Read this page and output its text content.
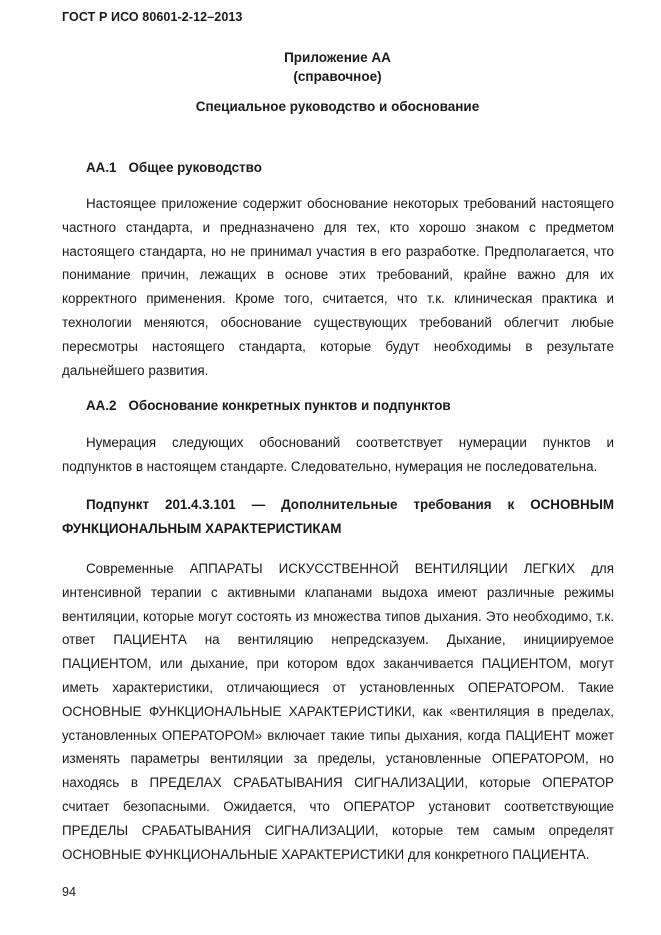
ГОСТ Р ИСО 80601-2-12–2013
Приложение АА
(справочное)
Специальное руководство и обоснование
АА.1 Общее руководство

Настоящее приложение содержит обоснование некоторых требований настоящего частного стандарта, и предназначено для тех, кто хорошо знаком с предметом настоящего стандарта, но не принимал участия в его разработке. Предполагается, что понимание причин, лежащих в основе этих требований, крайне важно для их корректного применения. Кроме того, считается, что т.к. клиническая практика и технологии меняются, обоснование существующих требований облегчит любые пересмотры настоящего стандарта, которые будут необходимы в результате дальнейшего развития.

АА.2 Обоснование конкретных пунктов и подпунктов

Нумерация следующих обоснований соответствует нумерации пунктов и подпунктов в настоящем стандарте. Следовательно, нумерация не последовательна.

Подпункт 201.4.3.101 — Дополнительные требования к ОСНОВНЫМ ФУНКЦИОНАЛЬНЫМ ХАРАКТЕРИСТИКАМ

Современные АППАРАТЫ ИСКУССТВЕННОЙ ВЕНТИЛЯЦИИ ЛЕГКИХ для интенсивной терапии с активными клапанами выдоха имеют различные режимы вентиляции, которые могут состоять из множества типов дыхания. Это необходимо, т.к. ответ ПАЦИЕНТА на вентиляцию непредсказуем. Дыхание, инициируемое ПАЦИЕНТОМ, или дыхание, при котором вдох заканчивается ПАЦИЕНТОМ, могут иметь характеристики, отличающиеся от установленных ОПЕРАТОРОМ. Такие ОСНОВНЫЕ ФУНКЦИОНАЛЬНЫЕ ХАРАКТЕРИСТИКИ, как «вентиляция в пределах, установленных ОПЕРАТОРОМ» включает такие типы дыхания, когда ПАЦИЕНТ может изменять параметры вентиляции за пределы, установленные ОПЕРАТОРОМ, но находясь в ПРЕДЕЛАХ СРАБАТЫВАНИЯ СИГНАЛИЗАЦИИ, которые ОПЕРАТОР считает безопасными. Ожидается, что ОПЕРАТОР установит соответствующие ПРЕДЕЛЫ СРАБАТЫВАНИЯ СИГНАЛИЗАЦИИ, которые тем самым определят ОСНОВНЫЕ ФУНКЦИОНАЛЬНЫЕ ХАРАКТЕРИСТИКИ для конкретного ПАЦИЕНТА.

94
